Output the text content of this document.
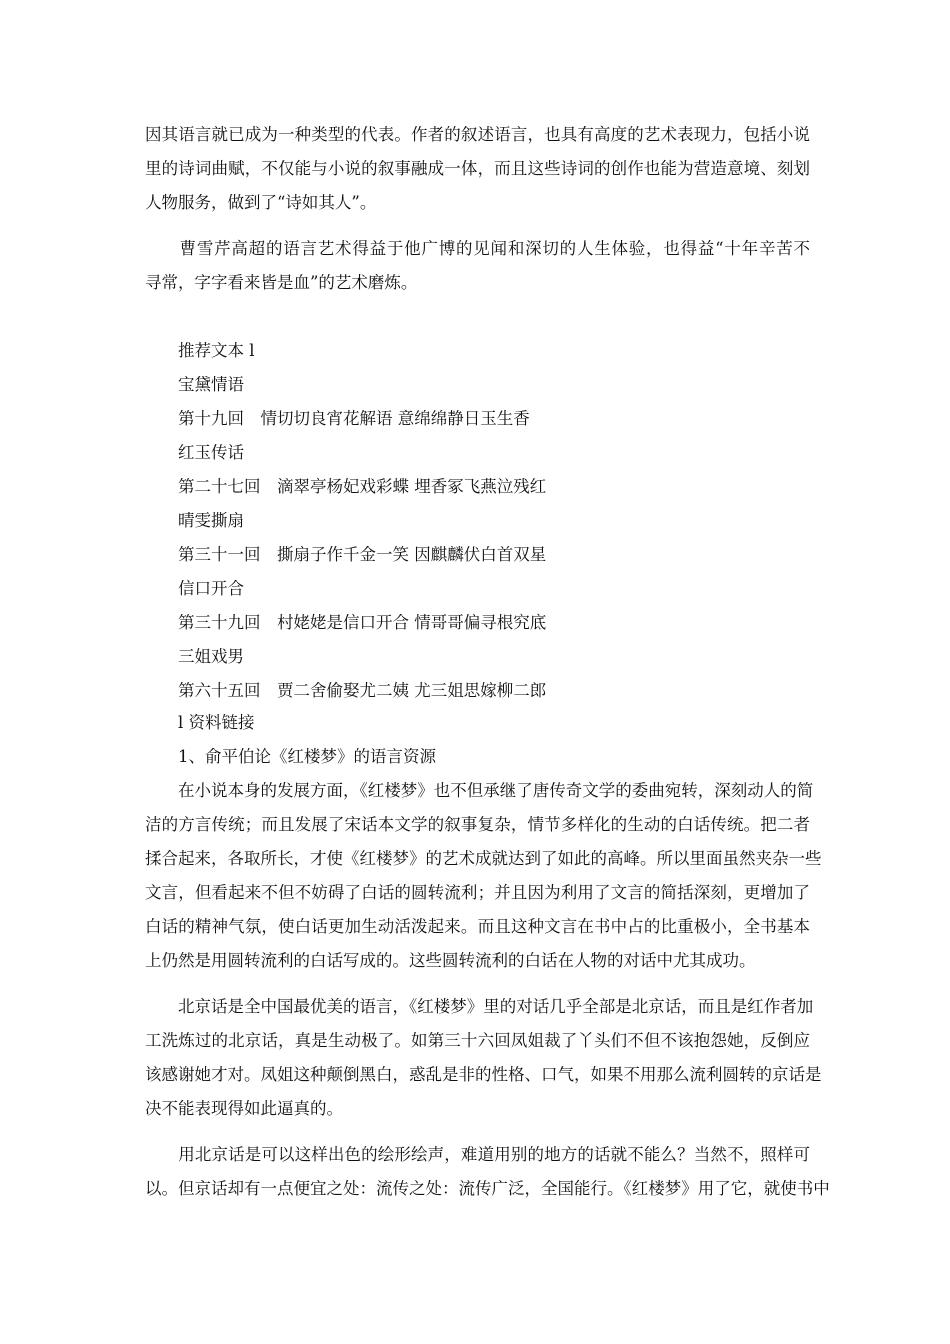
因其语言就已成为一种类型的代表。作者的叙述语言，也具有高度的艺术表现力，包括小说
里的诗词曲赋，不仅能与小说的叙事融成一体，而且这些诗词的创作也能为营造意境、刻划
人物服务，做到了“诗如其人”。
　　曹雪芹高超的语言艺术得益于他广博的见闻和深切的人生体验，也得益“十年辛苦不
寻常，字字看来皆是血”的艺术磨炼。
推荐文本 l
宝黛情语
第十九回　情切切良宵花解语 意绵绵静日玉生香
红玉传话
第二十七回　滴翠亭杨妃戏彩蝶 埋香冢飞燕泣残红
晴雯撕扇
第三十一回　撕扇子作千金一笑 因麒麟伏白首双星
信口开合
第三十九回　村姥姥是信口开合 情哥哥偏寻根究底
三姐戏男
第六十五回　贾二舍偷娶尤二姨 尤三姐思嫁柳二郎
l 资料链接
1、俞平伯论《红楼梦》的语言资源
　　在小说本身的发展方面，《红楼梦》也不但承继了唐传奇文学的委曲宛转，深刻动人的简
洁的方言传统；而且发展了宋话本文学的叙事复杂，情节多样化的生动的白话传统。把二者
揉合起来，各取所长，才使《红楼梦》的艺术成就达到了如此的高峰。所以里面虽然夹杂一些
文言，但看起来不但不妨碍了白话的圆转流利；并且因为利用了文言的简括深刻，更增加了
白话的精神气氛，使白话更加生动活泼起来。而且这种文言在书中占的比重极小，全书基本
上仍然是用圆转流利的白话写成的。这些圆转流利的白话在人物的对话中尤其成功。
　　北京话是全中国最优美的语言，《红楼梦》里的对话几乎全部是北京话，而且是红作者加
工洗炼过的北京话，真是生动极了。如第三十六回凤姐裁了丫头们不但不该抱怨她，反倒应
该感谢她才对。凤姐这种颠倒黑白，惑乱是非的性格、口气，如果不用那么流利圆转的京话是
决不能表现得如此逼真的。
　　用北京话是可以这样出色的绘形绘声，难道用别的地方的话就不能么？当然不，照样可
以。但京话却有一点便宜之处：流传之处：流传广泛，全国能行。《红楼梦》用了它，就使书中
